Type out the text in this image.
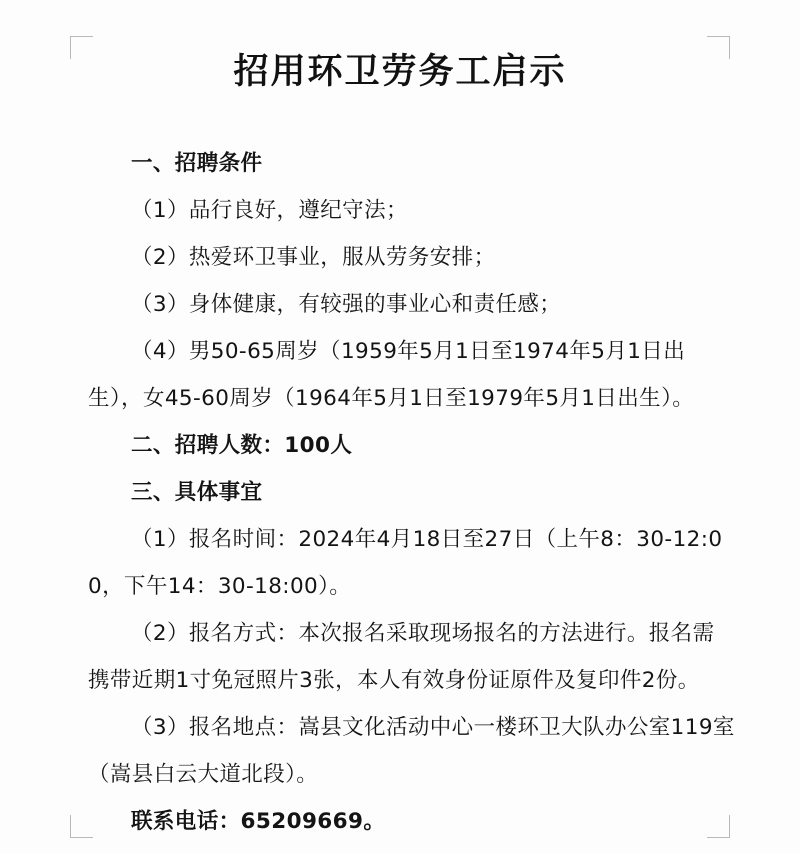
招用环卫劳务工启示
一、招聘条件
（1）品行良好，遵纪守法；
（2）热爱环卫事业，服从劳务安排；
（3）身体健康，有较强的事业心和责任感；
（4）男50-65周岁（1959年5月1日至1974年5月1日出生），女45-60周岁（1964年5月1日至1979年5月1日出生）。
二、招聘人数：100人
三、具体事宜
（1）报名时间：2024年4月18日至27日（上午8：30-12:00，下午14：30-18:00）。
（2）报名方式：本次报名采取现场报名的方法进行。报名需携带近期1寸免冠照片3张，本人有效身份证原件及复印件2份。
（3）报名地点：嵩县文化活动中心一楼环卫大队办公室119室（嵩县白云大道北段）。
联系电话：65209669。
